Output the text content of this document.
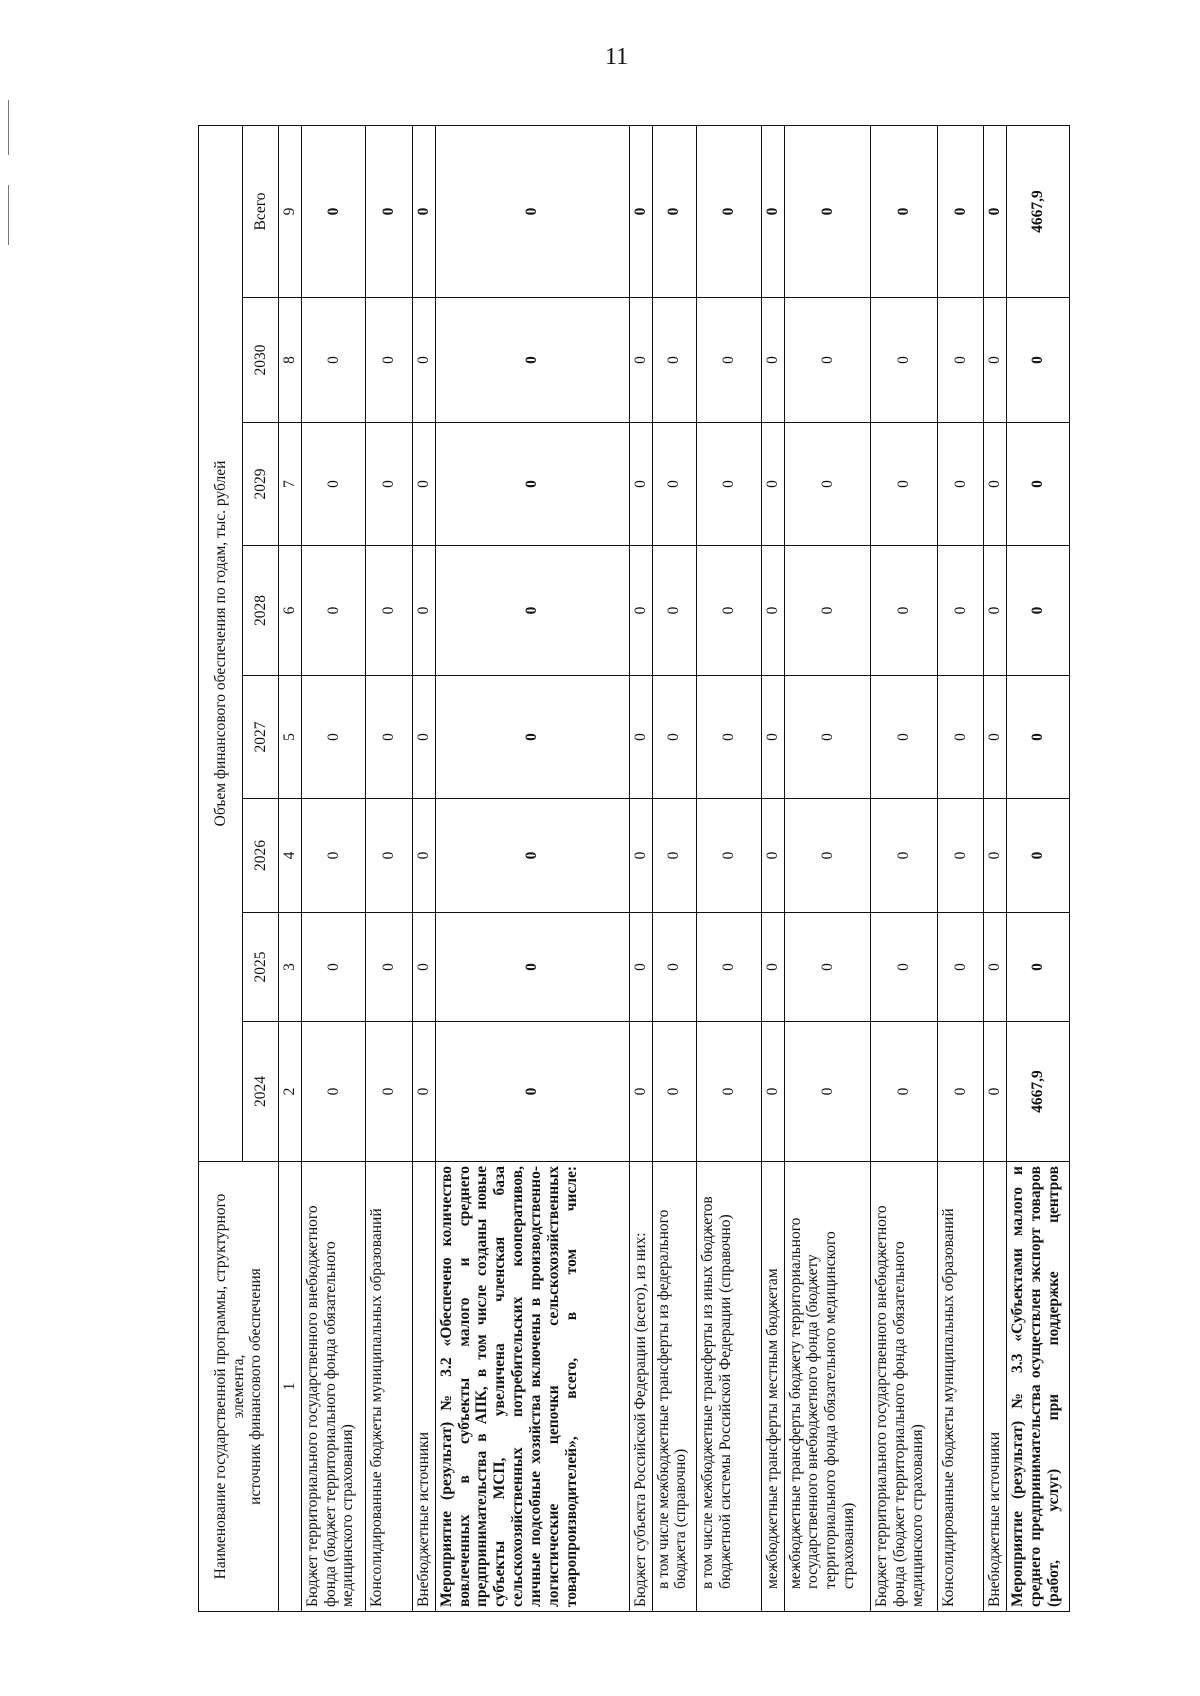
11
Наименование государственной программы, структурного элемента,
источник финансового обеспечения	Объем финансового обеспечения по годам, тыс. рублей							
	2024	2025	2026	2027	2028	2029	2030	Всего
1	2	3	4	5	6	7	8	9
Бюджет территориального государственного внебюджетного фонда (бюджет территориального фонда обязательного медицинского страхования)	0	0	0	0	0	0	0	0
Консолидированные бюджеты муниципальных образований	0	0	0	0	0	0	0	0
Внебюджетные источники	0	0	0	0	0	0	0	0
Мероприятие (результат) № 3.2 «Обеспечено количество вовлеченных в субъекты малого и среднего предпринимательства в АПК, в том числе созданы новые субъекты МСП, увеличена членская база сельскохозяйственных потребительских кооперативов, личные подсобные хозяйства включены в производственно-логистические цепочки сельскохозяйственных товаропроизводителей», всего, в том числе:	0	0	0	0	0	0	0	0
Бюджет субъекта Российской Федерации (всего), из них:	0	0	0	0	0	0	0	0
в том числе межбюджетные трансферты из федерального бюджета (справочно)	0	0	0	0	0	0	0	0
в том числе межбюджетные трансферты из иных бюджетов бюджетной системы Российской Федерации (справочно)	0	0	0	0	0	0	0	0
межбюджетные трансферты местным бюджетам	0	0	0	0	0	0	0	0
межбюджетные трансферты бюджету территориального государственного внебюджетного фонда (бюджету территориального фонда обязательного медицинского страхования)	0	0	0	0	0	0	0	0
Бюджет территориального государственного внебюджетного фонда (бюджет территориального фонда обязательного медицинского страхования)	0	0	0	0	0	0	0	0
Консолидированные бюджеты муниципальных образований	0	0	0	0	0	0	0	0
Внебюджетные источники	0	0	0	0	0	0	0	0
Мероприятие (результат) № 3.3 «Субъектами малого и среднего предпринимательства осуществлен экспорт товаров (работ, услуг) при поддержке центров	4667,9	0	0	0	0	0	0	4667,9
